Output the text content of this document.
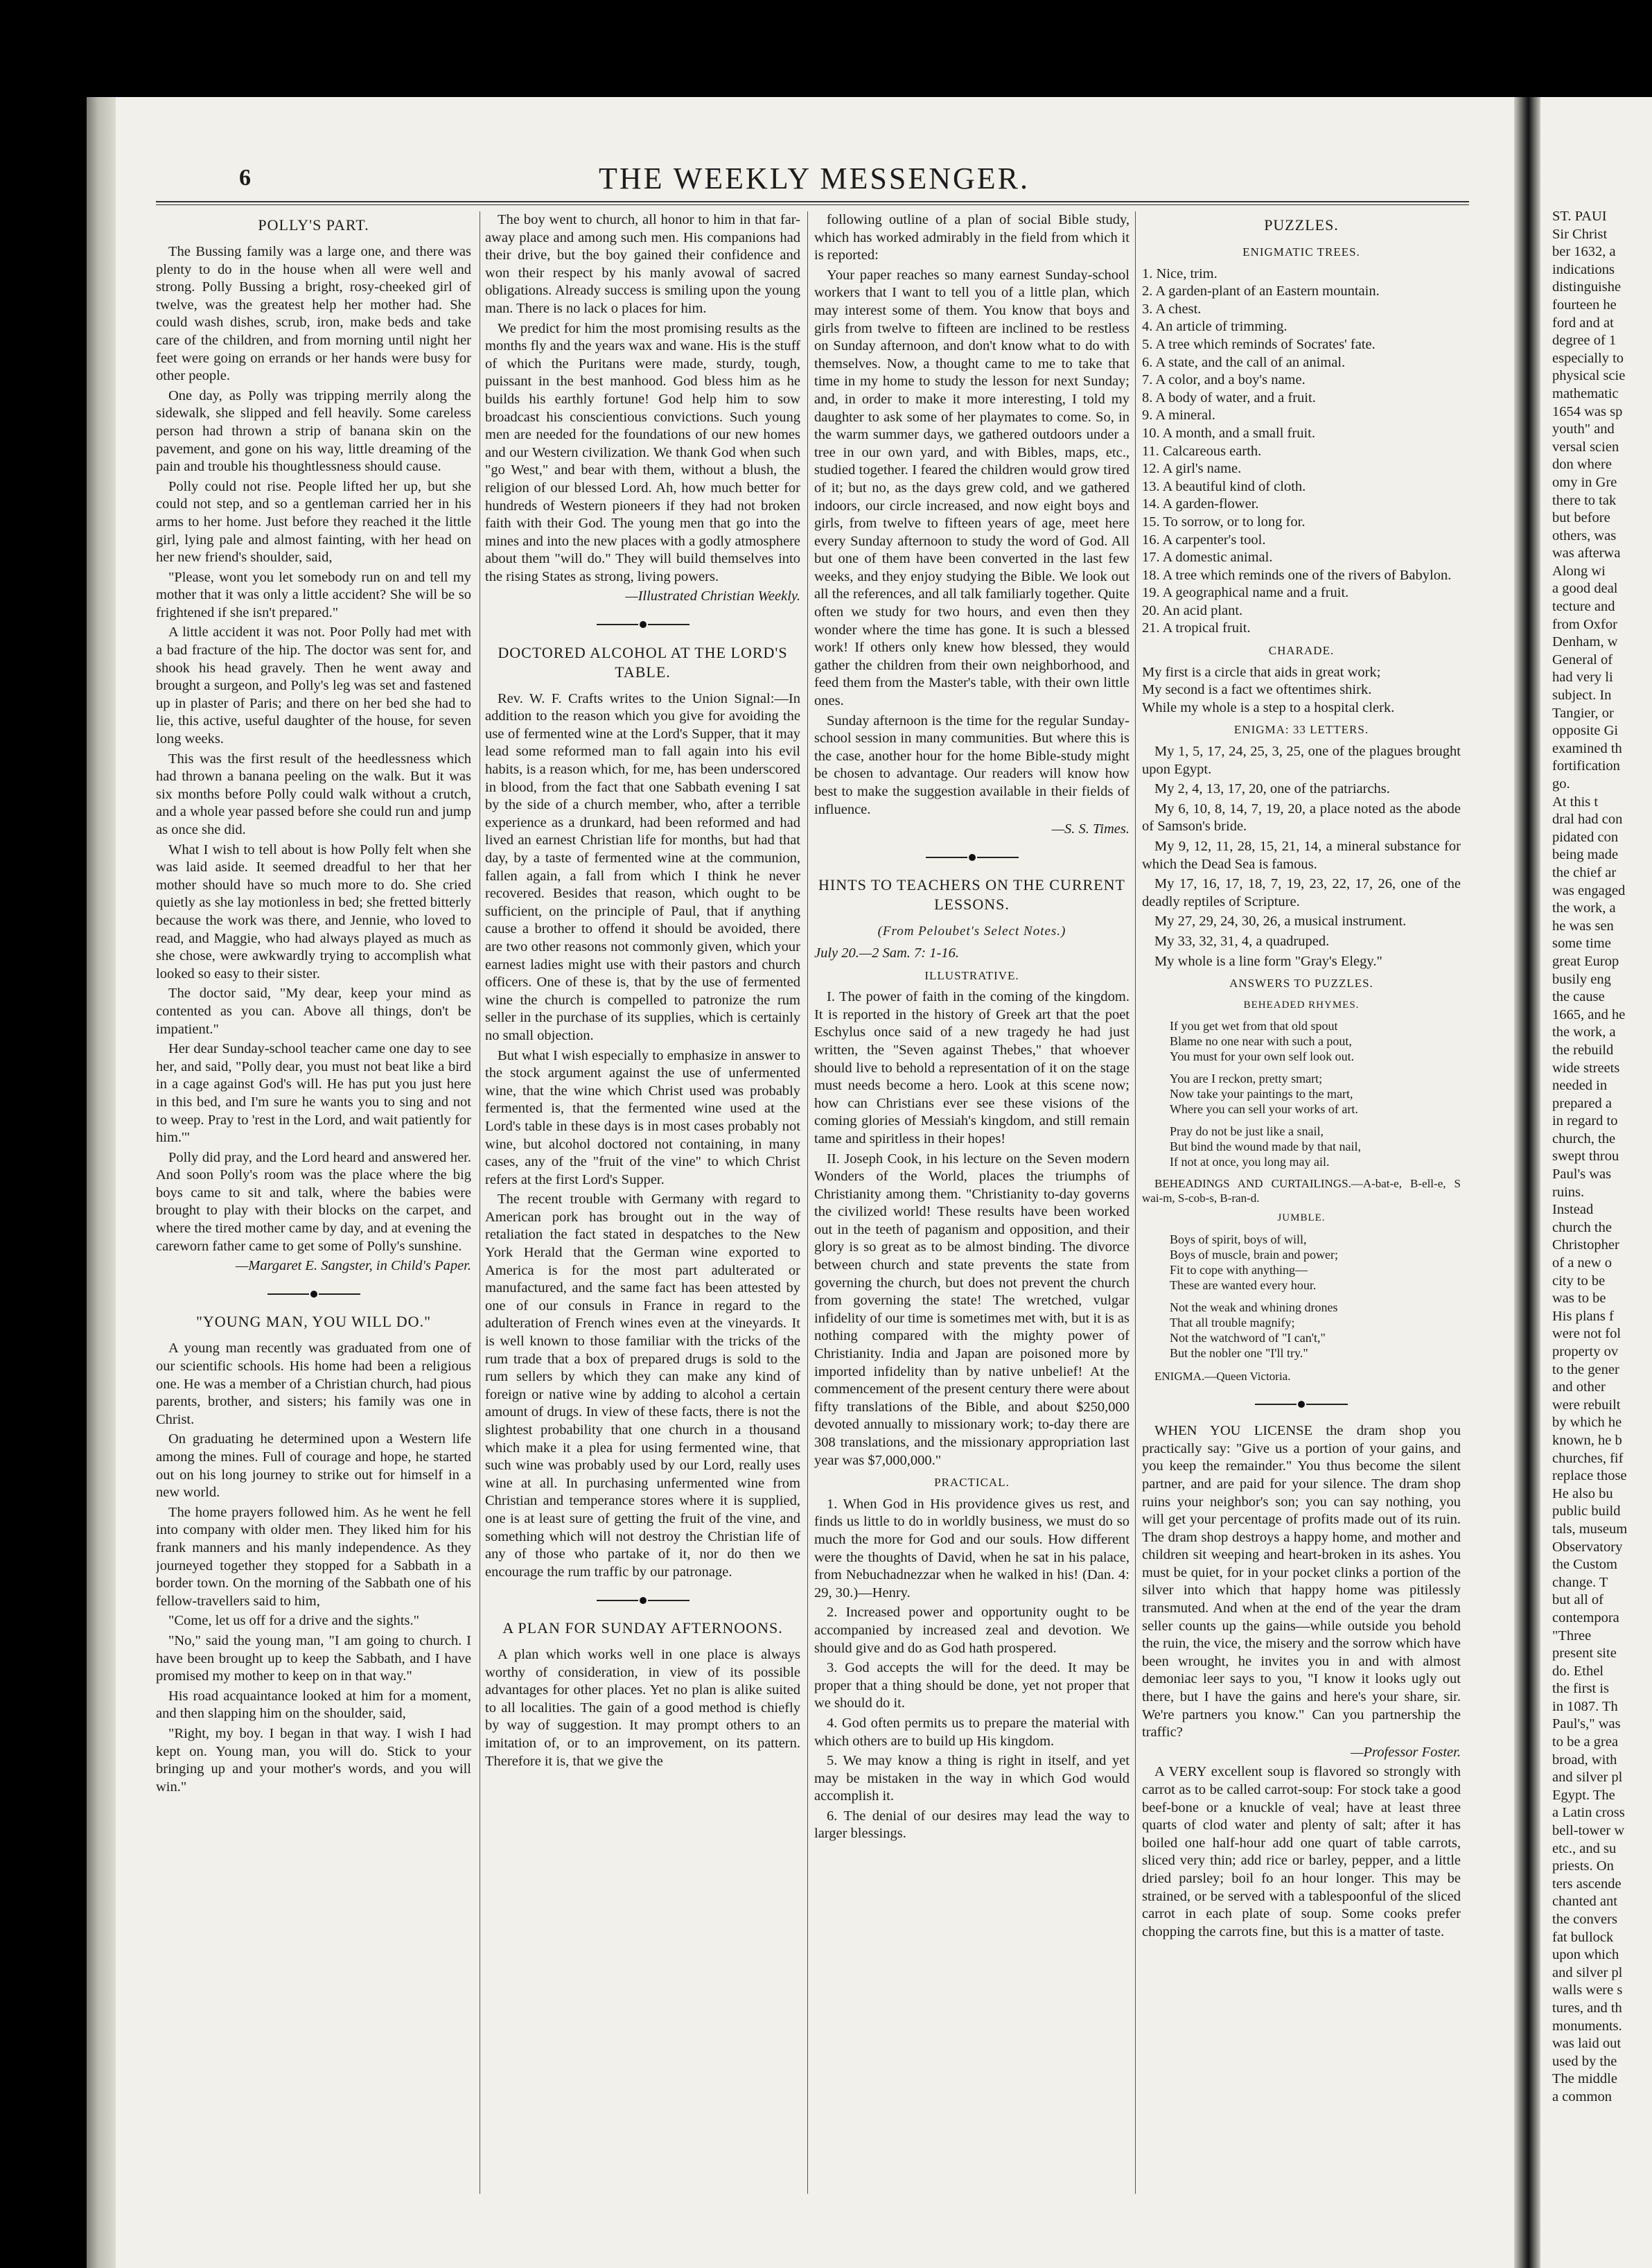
6	THE WEEKLY MESSENGER.
POLLY'S PART.

The Bussing family was a large one, and there was plenty to do in the house when all were well and strong. Polly Bussing a bright, rosy-cheeked girl of twelve, was the greatest help her mother had. She could wash dishes, scrub, iron, make beds and take care of the children, and from morning until night her feet were going on errands or her hands were busy for other people.

One day, as Polly was tripping merrily along the sidewalk, she slipped and fell heavily. Some careless person had thrown a strip of banana skin on the pavement, and gone on his way, little dreaming of the pain and trouble his thoughtlessness should cause.

Polly could not rise. People lifted her up, but she could not step, and so a gentleman carried her in his arms to her home. Just before they reached it the little girl, lying pale and almost fainting, with her head on her new friend's shoulder, said,

"Please, wont you let somebody run on and tell my mother that it was only a little accident? She will be so frightened if she isn't prepared."

A little accident it was not. Poor Polly had met with a bad fracture of the hip. The doctor was sent for, and shook his head gravely. Then he went away and brought a surgeon, and Polly's leg was set and fastened up in plaster of Paris; and there on her bed she had to lie, this active, useful daughter of the house, for seven long weeks.

This was the first result of the heedlessness which had thrown a banana peeling on the walk. But it was six months before Polly could walk without a crutch, and a whole year passed before she could run and jump as once she did.

What I wish to tell about is how Polly felt when she was laid aside. It seemed dreadful to her that her mother should have so much more to do. She cried quietly as she lay motionless in bed; she fretted bitterly because the work was there, and Jennie, who loved to read, and Maggie, who had always played as much as she chose, were awkwardly trying to accomplish what looked so easy to their sister.

The doctor said, "My dear, keep your mind as contented as you can. Above all things, don't be impatient."

Her dear Sunday-school teacher came one day to see her, and said, "Polly dear, you must not beat like a bird in a cage against God's will. He has put you just here in this bed, and I'm sure he wants you to sing and not to weep. Pray to 'rest in the Lord, and wait patiently for him.'"

Polly did pray, and the Lord heard and answered her. And soon Polly's room was the place where the big boys came to sit and talk, where the babies were brought to play with their blocks on the carpet, and where the tired mother came by day, and at evening the careworn father came to get some of Polly's sunshine.

—Margaret E. Sangster, in Child's Paper.

"YOUNG MAN, YOU WILL DO."

A young man recently was graduated from one of our scientific schools. His home had been a religious one. He was a member of a Christian church, had pious parents, brother, and sisters; his family was one in Christ.

On graduating he determined upon a Western life among the mines. Full of courage and hope, he started out on his long journey to strike out for himself in a new world.

The home prayers followed him. As he went he fell into company with older men. They liked him for his frank manners and his manly independence. As they journeyed together they stopped for a Sabbath in a border town. On the morning of the Sabbath one of his fellow-travellers said to him,

"Come, let us off for a drive and the sights."

"No," said the young man, "I am going to church. I have been brought up to keep the Sabbath, and I have promised my mother to keep on in that way."

His road acquaintance looked at him for a moment, and then slapping him on the shoulder, said,

"Right, my boy. I began in that way. I wish I had kept on. Young man, you will do. Stick to your bringing up and your mother's words, and you will win."

The boy went to church, all honor to him in that far-away place and among such men. His companions had their drive, but the boy gained their confidence and won their respect by his manly avowal of sacred obligations. Already success is smiling upon the young man. There is no lack o places for him.

We predict for him the most promising results as the months fly and the years wax and wane. His is the stuff of which the Puritans were made, sturdy, tough, puissant in the best manhood. God bless him as he builds his earthly fortune! God help him to sow broadcast his conscientious convictions. Such young men are needed for the foundations of our new homes and our Western civilization. We thank God when such "go West," and bear with them, without a blush, the religion of our blessed Lord. Ah, how much better for hundreds of Western pioneers if they had not broken faith with their God. The young men that go into the mines and into the new places with a godly atmosphere about them "will do." They will build themselves into the rising States as strong, living powers.

—Illustrated Christian Weekly.

DOCTORED ALCOHOL AT THE LORD'S TABLE.

Rev. W. F. Crafts writes to the Union Signal:—In addition to the reason which you give for avoiding the use of fermented wine at the Lord's Supper, that it may lead some reformed man to fall again into his evil habits, is a reason which, for me, has been underscored in blood, from the fact that one Sabbath evening I sat by the side of a church member, who, after a terrible experience as a drunkard, had been reformed and had lived an earnest Christian life for months, but had that day, by a taste of fermented wine at the communion, fallen again, a fall from which I think he never recovered. Besides that reason, which ought to be sufficient, on the principle of Paul, that if anything cause a brother to offend it should be avoided, there are two other reasons not commonly given, which your earnest ladies might use with their pastors and church officers. One of these is, that by the use of fermented wine the church is compelled to patronize the rum seller in the purchase of its supplies, which is certainly no small objection.

But what I wish especially to emphasize in answer to the stock argument against the use of unfermented wine, that the wine which Christ used was probably fermented is, that the fermented wine used at the Lord's table in these days is in most cases probably not wine, but alcohol doctored not containing, in many cases, any of the "fruit of the vine" to which Christ refers at the first Lord's Supper.

The recent trouble with Germany with regard to American pork has brought out in the way of retaliation the fact stated in despatches to the New York Herald that the German wine exported to America is for the most part adulterated or manufactured, and the same fact has been attested by one of our consuls in France in regard to the adulteration of French wines even at the vineyards. It is well known to those familiar with the tricks of the rum trade that a box of prepared drugs is sold to the rum sellers by which they can make any kind of foreign or native wine by adding to alcohol a certain amount of drugs. In view of these facts, there is not the slightest probability that one church in a thousand which make it a plea for using fermented wine, that such wine was probably used by our Lord, really uses wine at all. In purchasing unfermented wine from Christian and temperance stores where it is supplied, one is at least sure of getting the fruit of the vine, and something which will not destroy the Christian life of any of those who partake of it, nor do then we encourage the rum traffic by our patronage.

A PLAN FOR SUNDAY AFTERNOONS.

A plan which works well in one place is always worthy of consideration, in view of its possible advantages for other places. Yet no plan is alike suited to all localities. The gain of a good method is chiefly by way of suggestion. It may prompt others to an imitation of, or to an improvement, on its pattern. Therefore it is, that we give the

following outline of a plan of social Bible study, which has worked admirably in the field from which it is reported:

Your paper reaches so many earnest Sunday-school workers that I want to tell you of a little plan, which may interest some of them. You know that boys and girls from twelve to fifteen are inclined to be restless on Sunday afternoon, and don't know what to do with themselves. Now, a thought came to me to take that time in my home to study the lesson for next Sunday; and, in order to make it more interesting, I told my daughter to ask some of her playmates to come. So, in the warm summer days, we gathered outdoors under a tree in our own yard, and with Bibles, maps, etc., studied together. I feared the children would grow tired of it; but no, as the days grew cold, and we gathered indoors, our circle increased, and now eight boys and girls, from twelve to fifteen years of age, meet here every Sunday afternoon to study the word of God. All but one of them have been converted in the last few weeks, and they enjoy studying the Bible. We look out all the references, and all talk familiarly together. Quite often we study for two hours, and even then they wonder where the time has gone. It is such a blessed work! If others only knew how blessed, they would gather the children from their own neighborhood, and feed them from the Master's table, with their own little ones.

Sunday afternoon is the time for the regular Sunday-school session in many communities. But where this is the case, another hour for the home Bible-study might be chosen to advantage. Our readers will know how best to make the suggestion available in their fields of influence.

—S. S. Times.

HINTS TO TEACHERS ON THE CURRENT LESSONS.
(From Peloubet's Select Notes.)

July 20.—2 Sam. 7: 1-16.

ILLUSTRATIVE.

I. The power of faith in the coming of the kingdom. It is reported in the history of Greek art that the poet Eschylus once said of a new tragedy he had just written, the "Seven against Thebes," that whoever should live to behold a representation of it on the stage must needs become a hero. Look at this scene now; how can Christians ever see these visions of the coming glories of Messiah's kingdom, and still remain tame and spiritless in their hopes!

II. Joseph Cook, in his lecture on the Seven modern Wonders of the World, places the triumphs of Christianity among them. "Christianity to-day governs the civilized world! These results have been worked out in the teeth of paganism and opposition, and their glory is so great as to be almost binding. The divorce between church and state prevents the state from governing the church, but does not prevent the church from governing the state! The wretched, vulgar infidelity of our time is sometimes met with, but it is as nothing compared with the mighty power of Christianity. India and Japan are poisoned more by imported infidelity than by native unbelief! At the commencement of the present century there were about fifty translations of the Bible, and about $250,000 devoted annually to missionary work; to-day there are 308 translations, and the missionary appropriation last year was $7,000,000."

PRACTICAL.

1. When God in His providence gives us rest, and finds us little to do in worldly business, we must do so much the more for God and our souls. How different were the thoughts of David, when he sat in his palace, from Nebuchadnezzar when he walked in his! (Dan. 4: 29, 30.)—Henry.

2. Increased power and opportunity ought to be accompanied by increased zeal and devotion. We should give and do as God hath prospered.

3. God accepts the will for the deed. It may be proper that a thing should be done, yet not proper that we should do it.

4. God often permits us to prepare the material with which others are to build up His kingdom.

5. We may know a thing is right in itself, and yet may be mistaken in the way in which God would accomplish it.

6. The denial of our desires may lead the way to larger blessings.

PUZZLES.
ENIGMATIC TREES.
1. Nice, trim.
2. A garden-plant of an Eastern mountain.
3. A chest.
4. An article of trimming.
5. A tree which reminds of Socrates' fate.
6. A state, and the call of an animal.
7. A color, and a boy's name.
8. A body of water, and a fruit.
9. A mineral.
10. A month, and a small fruit.
11. Calcareous earth.
12. A girl's name.
13. A beautiful kind of cloth.
14. A garden-flower.
15. To sorrow, or to long for.
16. A carpenter's tool.
17. A domestic animal.
18. A tree which reminds one of the rivers of Babylon.
19. A geographical name and a fruit.
20. An acid plant.
21. A tropical fruit.
CHARADE.
My first is a circle that aids in great work;
My second is a fact we oftentimes shirk.
While my whole is a step to a hospital clerk.
ENIGMA: 33 LETTERS.

My 1, 5, 17, 24, 25, 3, 25, one of the plagues brought upon Egypt.

My 2, 4, 13, 17, 20, one of the patriarchs.

My 6, 10, 8, 14, 7, 19, 20, a place noted as the abode of Samson's bride.

My 9, 12, 11, 28, 15, 21, 14, a mineral substance for which the Dead Sea is famous.

My 17, 16, 17, 18, 7, 19, 23, 22, 17, 26, one of the deadly reptiles of Scripture.

My 27, 29, 24, 30, 26, a musical instrument.

My 33, 32, 31, 4, a quadruped.

My whole is a line form "Gray's Elegy."

ANSWERS TO PUZZLES.
BEHEADED RHYMES.
If you get wet from that old spout
Blame no one near with such a pout,
You must for your own self look out.
You are I reckon, pretty smart;
Now take your paintings to the mart,
Where you can sell your works of art.
Pray do not be just like a snail,
But bind the wound made by that nail,
If not at once, you long may ail.

BEHEADINGS AND CURTAILINGS.—A-bat-e, B-ell-e, S wai-m, S-cob-s, B-ran-d.

JUMBLE.
Boys of spirit, boys of will,
Boys of muscle, brain and power;
Fit to cope with anything—
These are wanted every hour.
Not the weak and whining drones
That all trouble magnify;
Not the watchword of "I can't,"
But the nobler one "I'll try."

ENIGMA.—Queen Victoria.

WHEN YOU LICENSE the dram shop you practically say: "Give us a portion of your gains, and you keep the remainder." You thus become the silent partner, and are paid for your silence. The dram shop ruins your neighbor's son; you can say nothing, you will get your percentage of profits made out of its ruin. The dram shop destroys a happy home, and mother and children sit weeping and heart-broken in its ashes. You must be quiet, for in your pocket clinks a portion of the silver into which that happy home was pitilessly transmuted. And when at the end of the year the dram seller counts up the gains—while outside you behold the ruin, the vice, the misery and the sorrow which have been wrought, he invites you in and with almost demoniac leer says to you, "I know it looks ugly out there, but I have the gains and here's your share, sir. We're partners you know." Can you partnership the traffic?

—Professor Foster.

A VERY excellent soup is flavored so strongly with carrot as to be called carrot-soup: For stock take a good beef-bone or a knuckle of veal; have at least three quarts of clod water and plenty of salt; after it has boiled one half-hour add one quart of table carrots, sliced very thin; add rice or barley, pepper, and a little dried parsley; boil fo an hour longer. This may be strained, or be served with a tablespoonful of the sliced carrot in each plate of soup. Some cooks prefer chopping the carrots fine, but this is a matter of taste.

ST. PAUI
Sir Christ
ber 1632, a
indications
distinguishe
fourteen he
ford and at
degree of 1
especially to
physical scie
mathematic
1654 was sp
youth" and
versal scien
don where
omy in Gre
there to tak
but before
others, was
was afterwa
Along wi
a good deal
tecture and
from Oxfor
Denham, w
General of
had very li
subject. In
Tangier, or
opposite Gi
examined th
fortification
go.
At this t
dral had con
pidated con
being made
the chief ar
was engaged
the work, a
he was sen
some time
great Europ
busily eng
the cause
1665, and he
the work, a
the rebuild
wide streets
needed in
prepared a
in regard to
church, the
swept throu
Paul's was
ruins.
Instead
church the
Christopher
of a new o
city to be
was to be
His plans f
were not fol
property ov
to the gener
and other
were rebuilt
by which he
known, he b
churches, fif
replace those
He also bu
public build
tals, museum
Observatory
the Custom
change. T
but all of
contempora
"Three
present site
do. Ethel
the first is
in 1087. Th
Paul's," was
to be a grea
broad, with
and silver pl
Egypt. The
a Latin cross
bell-tower w
etc., and su
priests. On
ters ascende
chanted ant
the convers
fat bullock
upon which
and silver pl
walls were s
tures, and th
monuments.
was laid out
used by the
The middle
a common
